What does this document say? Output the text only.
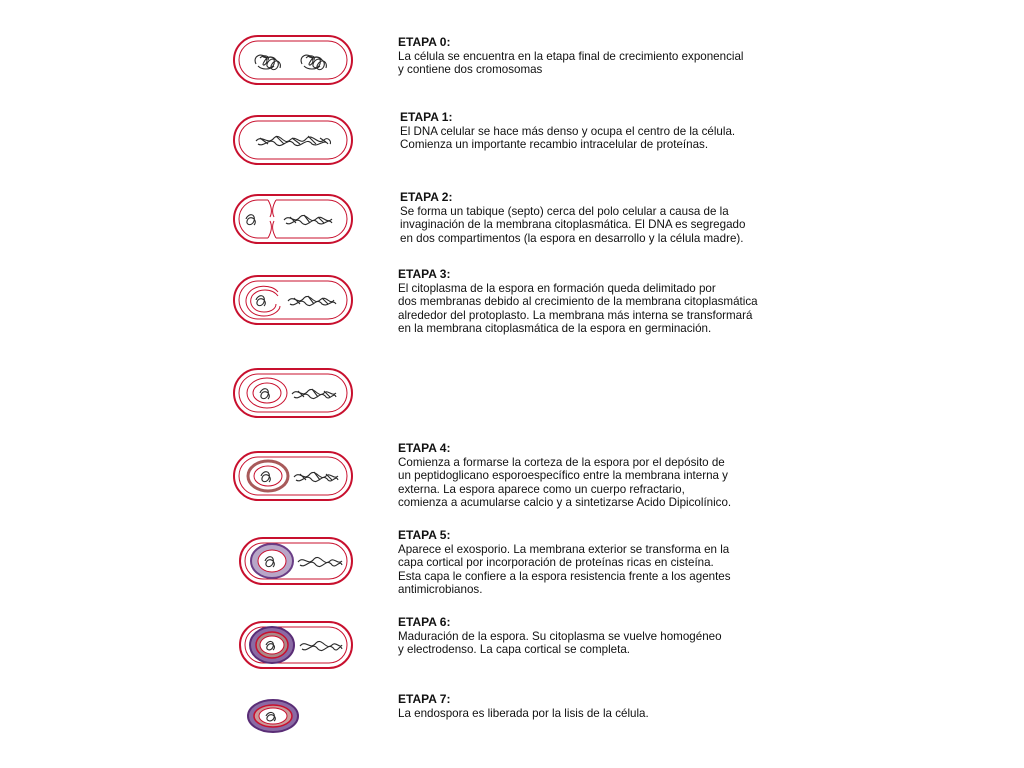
ETAPA 0:
La célula se encuentra en la etapa final de crecimiento exponencial
y contiene dos cromosomas
ETAPA 1:
El DNA celular se hace más denso y ocupa el centro de la célula.
Comienza un importante recambio intracelular de proteínas.
ETAPA 2:
Se forma un tabique (septo) cerca del polo celular a causa de la
invaginación de la membrana citoplasmática. El DNA es segregado
en dos compartimentos (la espora en desarrollo y la célula madre).
ETAPA 3:
El citoplasma de la espora en formación queda delimitado por
dos membranas debido al crecimiento de la membrana citoplasmática
alrededor del protoplasto. La membrana más interna se transformará
en la membrana citoplasmática de la espora en germinación.
ETAPA 4:
Comienza a formarse la corteza de la espora por el depósito de
un peptidoglicano esporoespecífico entre la membrana interna y
externa. La espora aparece como un cuerpo refractario,
comienza a acumularse calcio y a sintetizarse Acido Dipicolínico.
ETAPA 5:
Aparece el exosporio. La membrana exterior se transforma en la
capa cortical por incorporación de proteínas ricas en cisteína.
Esta capa le confiere a la espora resistencia frente a los agentes
antimicrobianos.
ETAPA 6:
Maduración de la espora. Su citoplasma se vuelve homogéneo
y electrodenso. La capa cortical se completa.
ETAPA 7:
La endospora es liberada por la lisis de la célula.
